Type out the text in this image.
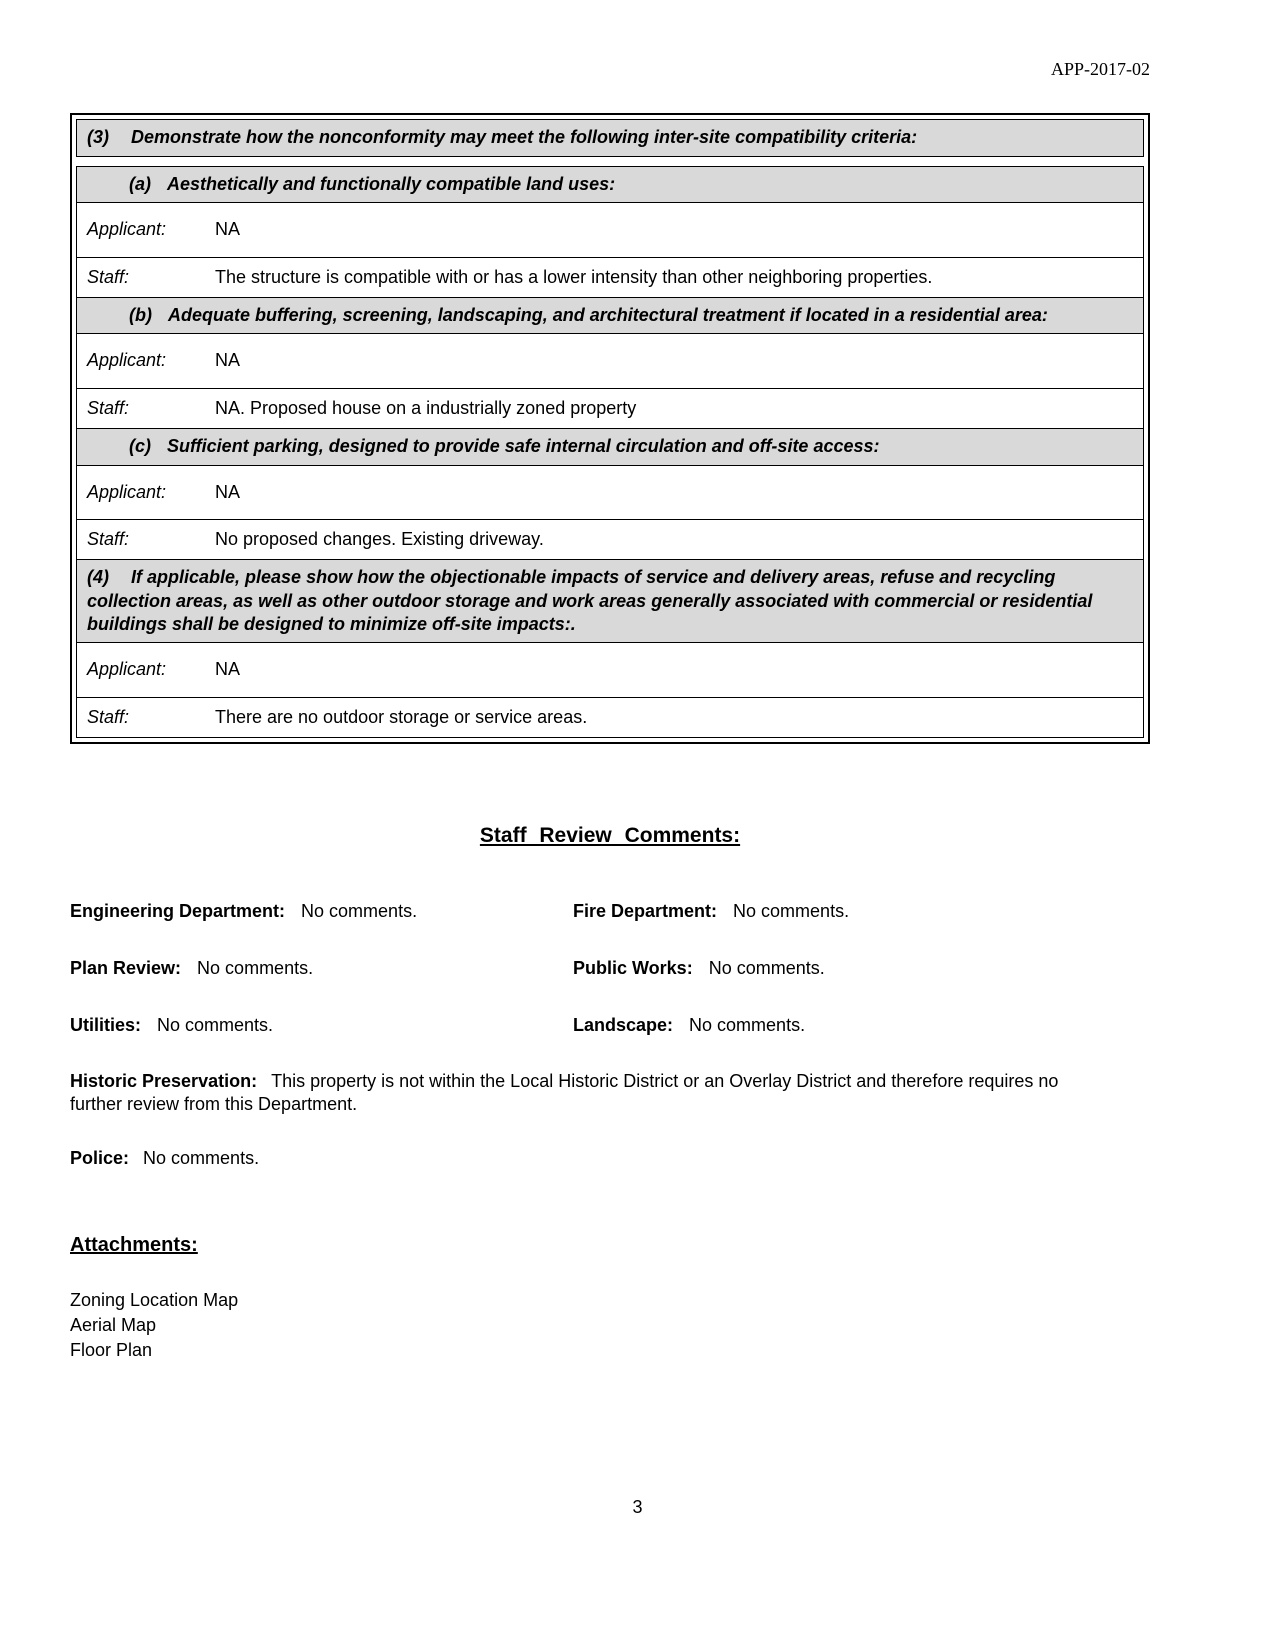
APP-2017-02
(3) Demonstrate how the nonconformity may meet the following inter-site compatibility criteria:
(a) Aesthetically and functionally compatible land uses:
Applicant:	NA
Staff:	The structure is compatible with or has a lower intensity than other neighboring properties.
(b) Adequate buffering, screening, landscaping, and architectural treatment if located in a residential area:
Applicant:	NA
Staff:	NA. Proposed house on a industrially zoned property
(c) Sufficient parking, designed to provide safe internal circulation and off-site access:
Applicant:	NA
Staff:	No proposed changes. Existing driveway.
(4) If applicable, please show how the objectionable impacts of service and delivery areas, refuse and recycling collection areas, as well as other outdoor storage and work areas generally associated with commercial or residential buildings shall be designed to minimize off-site impacts:.
Applicant:	NA
Staff:	There are no outdoor storage or service areas.
Staff Review Comments:

Engineering Department: No comments.	Fire Department: No comments.

Plan Review: No comments.	Public Works: No comments.

Utilities: No comments.	Landscape: No comments.

Historic Preservation: This property is not within the Local Historic District or an Overlay District and therefore requires no further review from this Department.

Police: No comments.

Attachments:
Zoning Location Map
Aerial Map
Floor Plan
3
